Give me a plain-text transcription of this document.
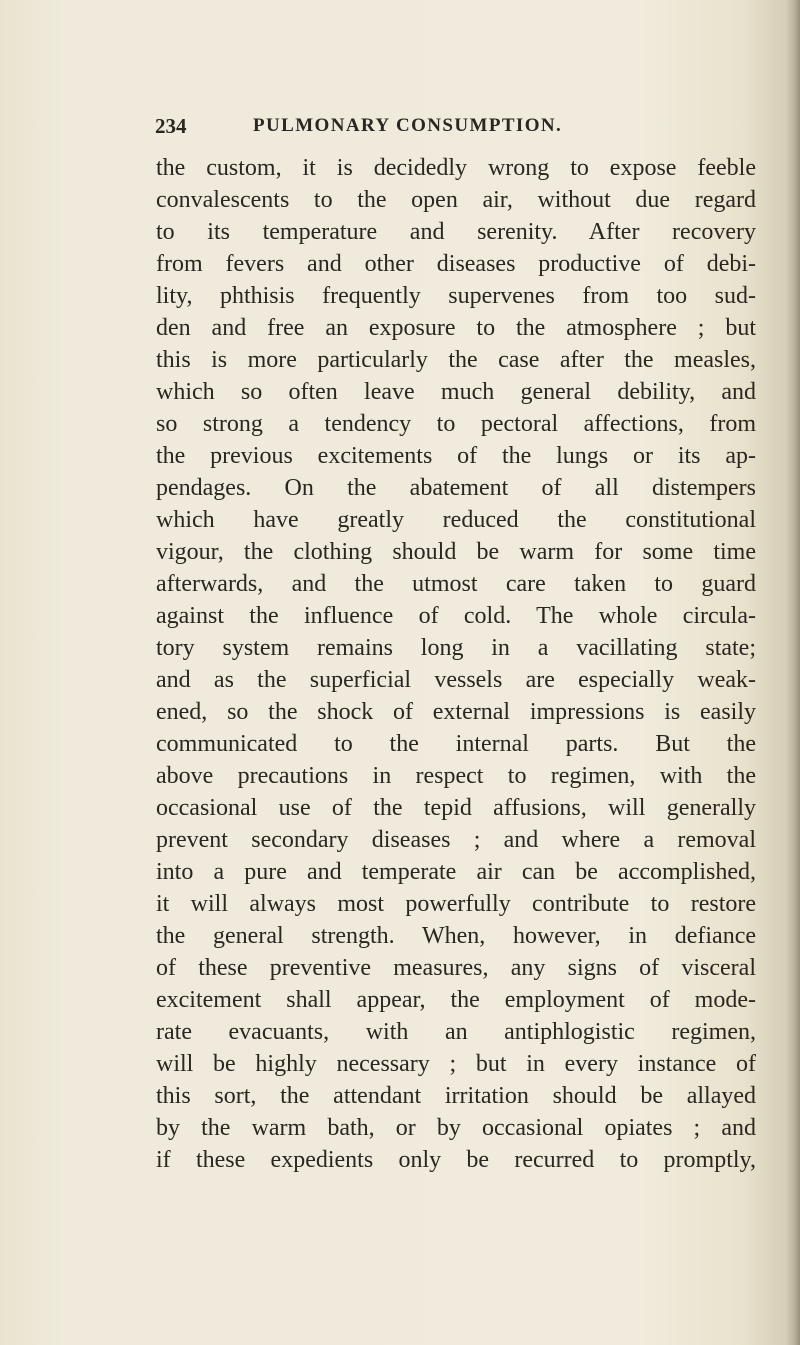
234	PULMONARY CONSUMPTION.
the custom, it is decidedly wrong to expose feeble
convalescents to the open air, without due regard
to its temperature and serenity. After recovery
from fevers and other diseases productive of debi-
lity, phthisis frequently supervenes from too sud-
den and free an exposure to the atmosphere ; but
this is more particularly the case after the measles,
which so often leave much general debility, and
so strong a tendency to pectoral affections, from
the previous excitements of the lungs or its ap-
pendages. On the abatement of all distempers
which have greatly reduced the constitutional
vigour, the clothing should be warm for some time
afterwards, and the utmost care taken to guard
against the influence of cold. The whole circula-
tory system remains long in a vacillating state;
and as the superficial vessels are especially weak-
ened, so the shock of external impressions is easily
communicated to the internal parts. But the
above precautions in respect to regimen, with the
occasional use of the tepid affusions, will generally
prevent secondary diseases ; and where a removal
into a pure and temperate air can be accomplished,
it will always most powerfully contribute to restore
the general strength. When, however, in defiance
of these preventive measures, any signs of visceral
excitement shall appear, the employment of mode-
rate evacuants, with an antiphlogistic regimen,
will be highly necessary ; but in every instance of
this sort, the attendant irritation should be allayed
by the warm bath, or by occasional opiates ; and
if these expedients only be recurred to promptly,
